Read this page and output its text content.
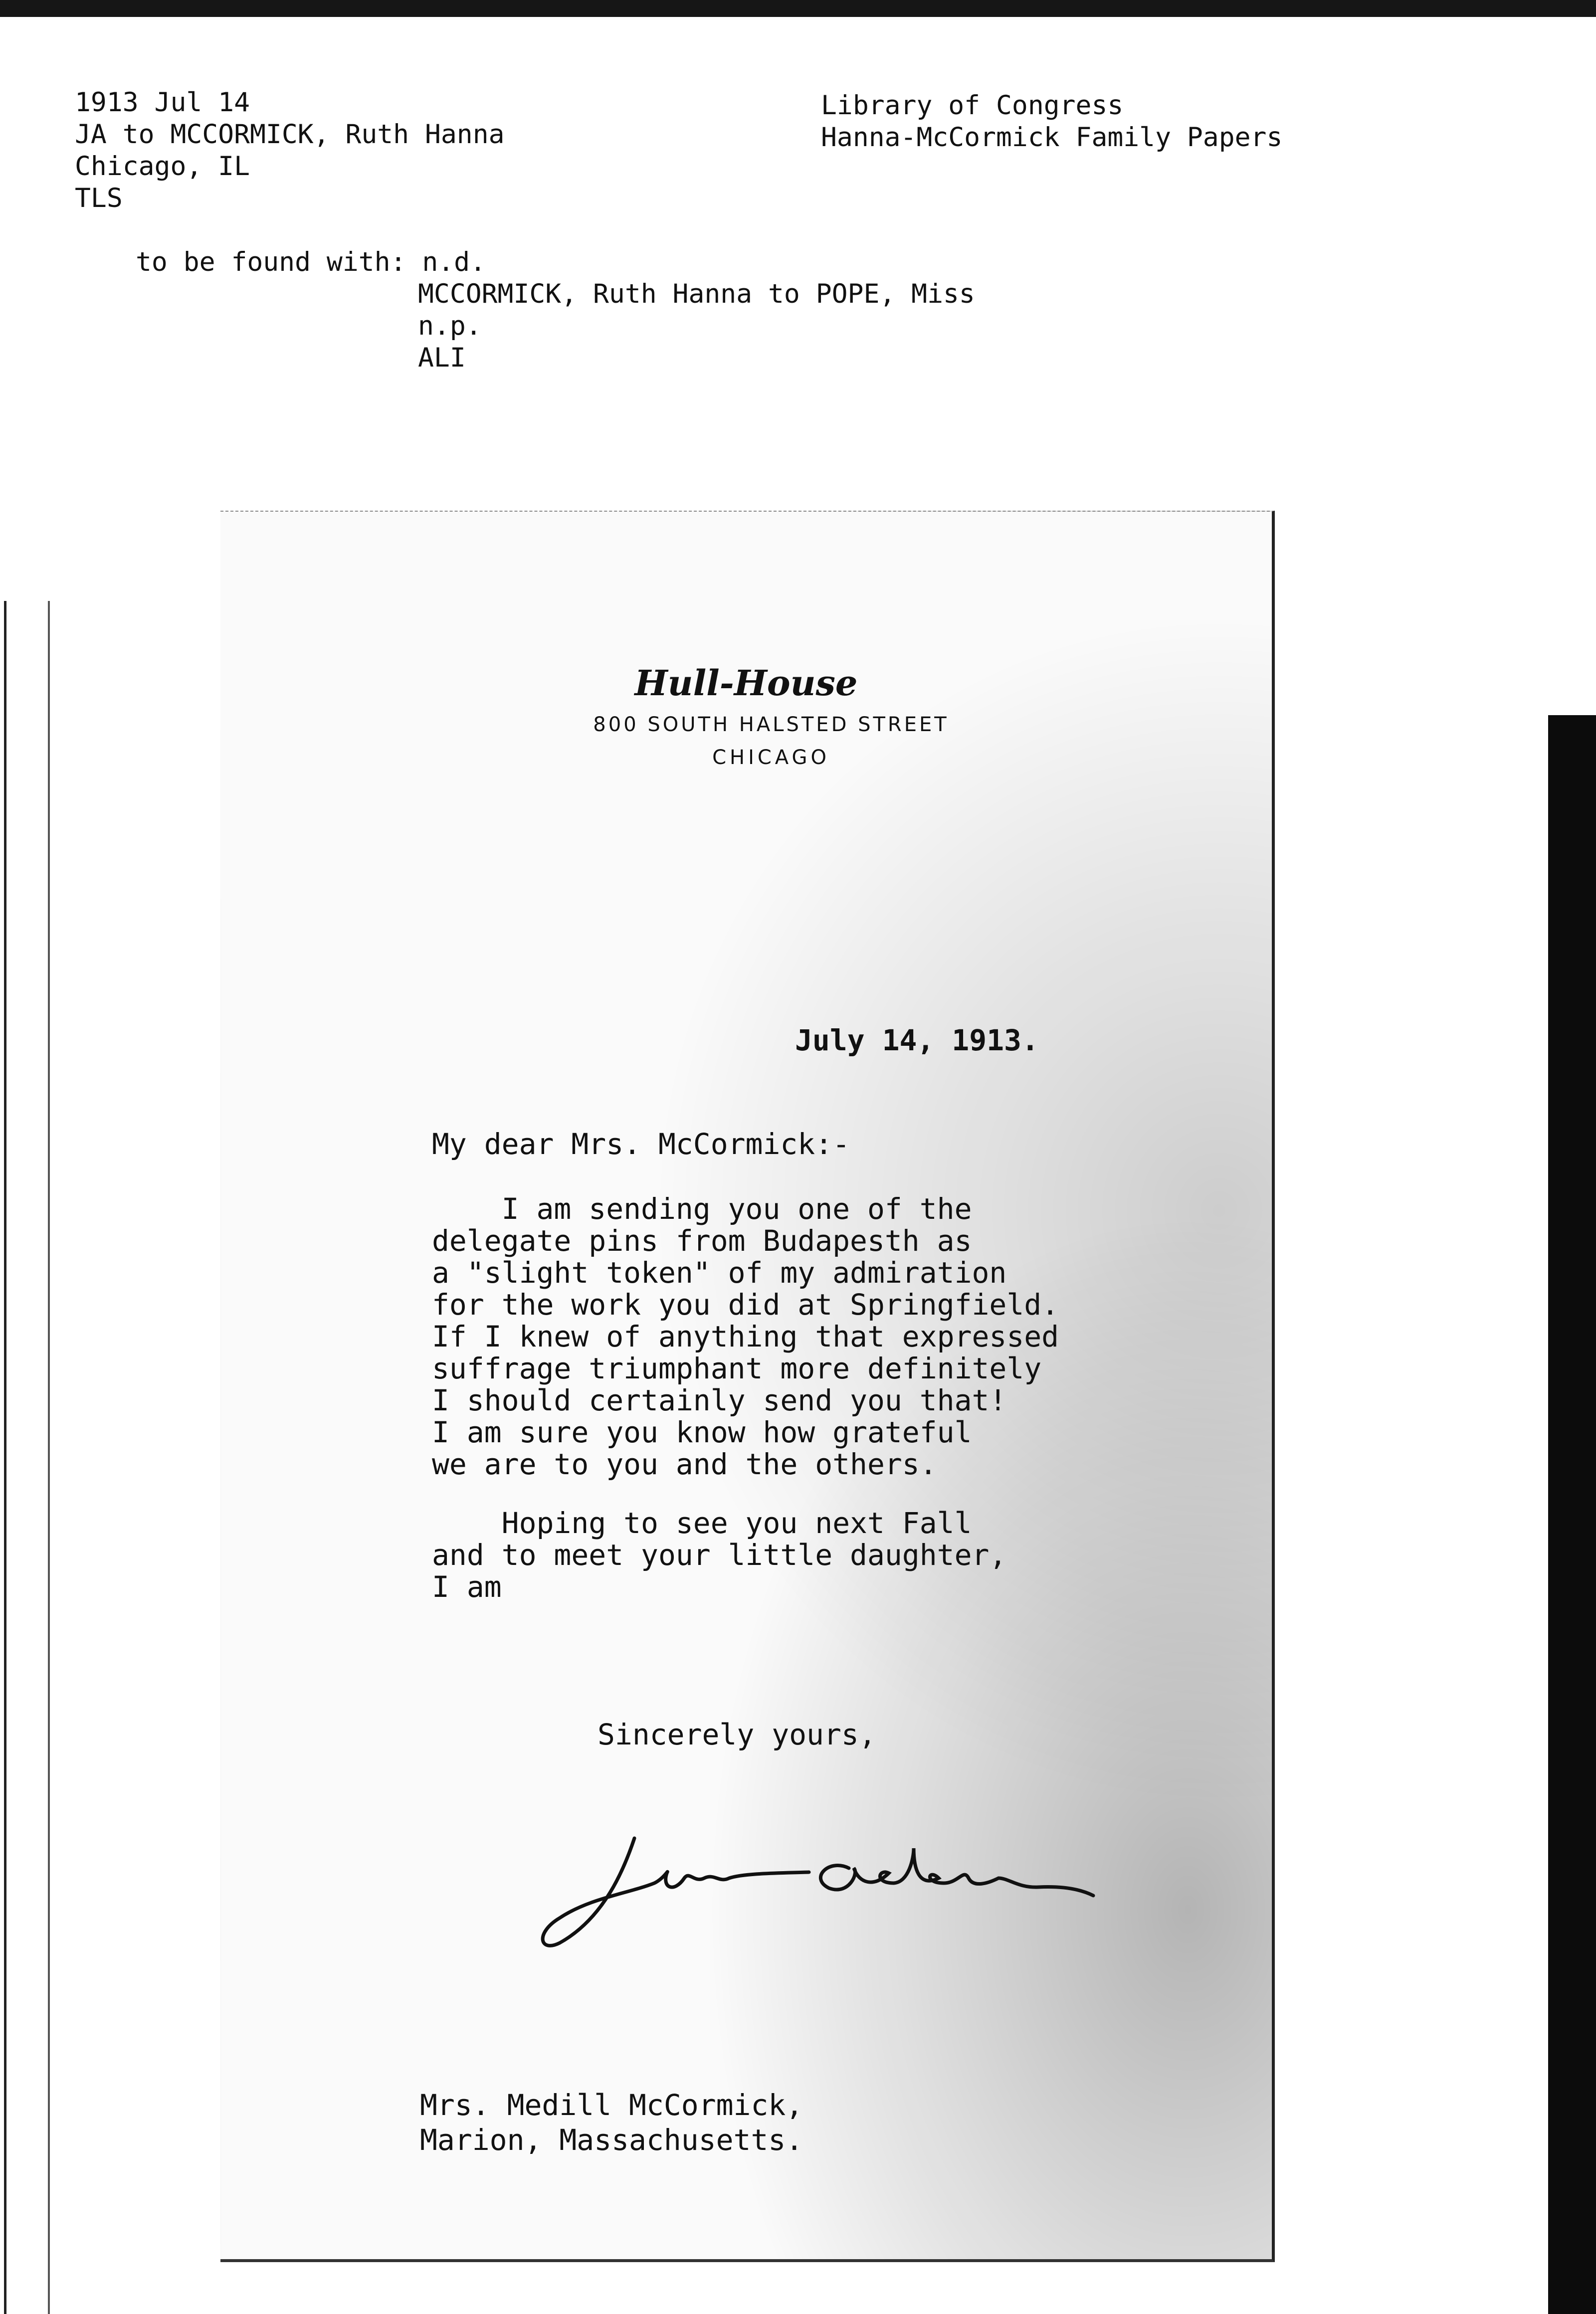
1913 Jul 14
JA to MCCORMICK, Ruth Hanna
Chicago, IL
TLS
Library of Congress
Hanna-McCormick Family Papers
to be found with: n.d.
MCCORMICK, Ruth Hanna to POPE, Miss
n.p.
ALI
Hull-House
800 SOUTH HALSTED STREET
CHICAGO
July 14, 1913.
My dear Mrs. McCormick:-
I am sending you one of the
delegate pins from Budapesth as
a "slight token" of my admiration
for the work you did at Springfield.
If I knew of anything that expressed
suffrage triumphant more definitely
I should certainly send you that!
I am sure you know how grateful
we are to you and the others.
Hoping to see you next Fall
and to meet your little daughter,
I am
Sincerely yours,
Jane Addams
Mrs. Medill McCormick,
Marion, Massachusetts.
